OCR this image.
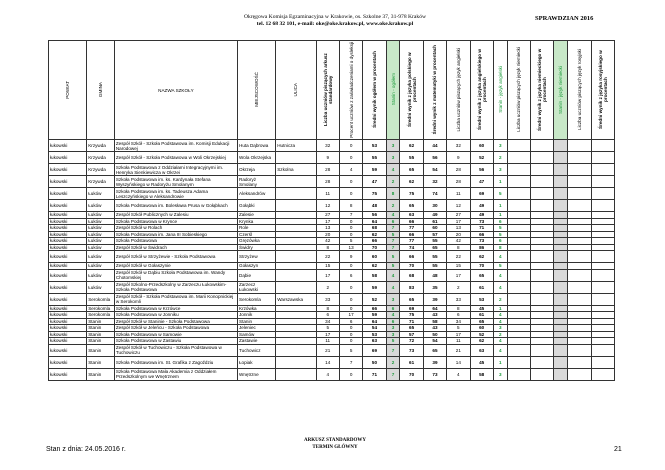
Okręgowa Komisja Egzaminacyjna w Krakowie, os. Szkolne 37, 31-978 Kraków
tel. 12 68 32 101, e-mail: oke@oke.krakow.pl, www.oke.krakow.pl
SPRAWDZIAN 2016
POWIAT	GMINA	NAZWA SZKOŁY	MIEJSCOWOŚĆ	ULICA	Liczba uczniów piszących arkusz standardowy	Procent uczniów z zaświadczeniami o dysleksji	Średni wynik ogółem w procentach	Stanin - ogółem	Średni wynik z języka polskiego w procentach	Średni wynik z matematyki w procentach	Liczba uczniów piszących język angielski	Średni wynik z języka angielskiego w procentach	Stanin - język angielski	Liczba uczniów piszących język niemiecki	Średni wynik z języka niemieckiego w procentach	Stanin - język niemiecki	Liczba uczniów piszących język rosyjski	Średni wynik z języka rosyjskiego w procentach
łukowski	Krzywda	Zespół Szkół - Szkoła Podstawowa im. Komisji Edukacji Narodowej	Huta Dąbrowa	Hutnicza	32	0	53	3	62	44	32	60	3					
łukowski	Krzywda	Zespół Szkół - Szkoła Podstawowa w Woli Okrzejskiej	Wola Okrzejska		9	0	55	3	55	56	9	52	2					
łukowski	Krzywda	Szkoła Podstawowa z Oddziałami Integracyjnymi im. Henryka Sienkiewicza w Okrzei	Okrzeja	Szkolna	28	4	59	4	65	54	28	56	3					
łukowski	Krzywda	Szkoła Podstawowa im. ks. Kardynała Stefana Wyszyńskiego w Radoryżu Smolanym	Radoryż Smolany		28	0	47	2	62	32	28	47	1					
łukowski	Łuków	Szkoła Podstawowa im. ks. Tadeusza Adama Leszczyńskiego w Aleksandrowie	Aleksandrów		11	0	75	8	75	74	11	69	5					
łukowski	Łuków	Szkoła Podstawowa im. Bolesława Prusa w Gołąbkach	Gołąbki		12	8	48	2	65	30	12	49	1					
łukowski	Łuków	Zespół Szkół Publicznych w Zalesiu	Zalesie		27	7	56	4	63	49	27	49	1					
łukowski	Łuków	Szkoła Podstawowa w Krynce	Krynka		17	0	64	6	66	61	17	73	6					
łukowski	Łuków	Zespół Szkół w Rolach	Role		13	0	68	7	77	60	13	71	5					
łukowski	Łuków	Szkoła Podstawowa im. Jana III Sobieskiego	Czerśl		20	0	62	5	66	57	20	66	5					
łukowski	Łuków	Szkoła Podstawowa	Gręzówka		42	5	66	7	77	55	42	73	6					
łukowski	Łuków	Zespół Szkół w Świdrach	Świdry		8	13	70	7	74	65	8	86	8					
łukowski	Łuków	Zespół Szkół w Strzyżewie - Szkoła Podstawowa	Strzyżew		22	9	60	5	66	55	22	62	4					
łukowski	Łuków	Zespół Szkół w Gołaszynie	Gołaszyn		15	0	62	5	70	55	15	70	5					
łukowski	Łuków	Zespół Szkół w Dąbiu Szkoła Podstawowa im. Wandy Chotomskiej	Dąbie		17	6	58	4	68	48	17	65	4					
łukowski	Łuków	Zespół Szkolno-Przedszkolny w Zarzeczu Łukowskim-Szkoła Podstawowa	Zarzecz Łukowski		2	0	59	4	83	35	2	61	4					
łukowski	Serokomla	Zespół Szkół - Szkoła Podstawowa im. Marii Konopnickiej w Serokomli	Serokomla	Warszawska	33	0	52	3	65	39	33	53	2					
łukowski	Serokomla	Szkoła Podstawowa w Krzówce	Krzówka		8	0	66	6	69	64	8	45	1					
łukowski	Serokomla	Szkoła Podstawowa w Jonniku	Jonnik		6	17	59	4	75	43	6	61	4					
łukowski	Stanin	Zespół Szkół w Staninie - Szkoła Podstawowa	Stanin		34	6	64	6	71	58	34	65	4					
łukowski	Stanin	Zespół Szkół w Jeleńcu - Szkoła Podstawowa	Jeleniec		5	0	54	3	65	43	5	60	3					
łukowski	Stanin	Szkoła Podstawowa w Samowie	Samów		17	0	53	3	57	50	17	52	2					
łukowski	Stanin	Szkoła Podstawowa w Zastawiu	Zastawie		11	0	63	5	72	54	11	62	4					
łukowski	Stanin	Zespół Szkół w Tuchowiczu - Szkoła Podstawowa w Tuchowiczu	Tuchowicz		21	5	69	7	73	65	21	63	4					
łukowski	Stanin	Szkoła Podstawowa im. St. Grafika z Zagoździu	Łopiak		14	7	50	2	61	39	14	45	1					
łukowski	Stanin	Szkoła Podstawowa Mała Akademia z Oddziałem Przedszkolnym we Wnętrznem	Wnętrzne		4	0	71	7	70	73	4	58	3					
ARKUSZ STANDARDOWY
TERMIN GŁÓWNY
Stan z dnia: 24.05.2016 r.	21
